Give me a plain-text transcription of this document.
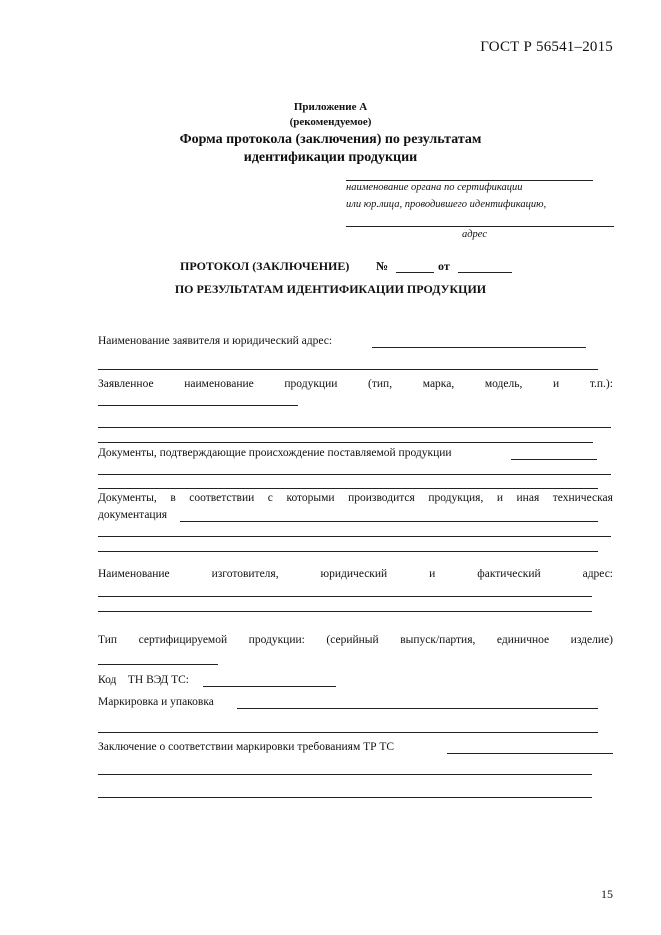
ГОСТ Р 56541–2015
Приложение А
(рекомендуемое)
Форма протокола (заключения) по результатам
идентификации продукции
наименование органа по сертификации
или юр.лица, проводившего идентификацию,
адрес
ПРОТОКОЛ (ЗАКЛЮЧЕНИЕ) №	от
ПО РЕЗУЛЬТАТАМ ИДЕНТИФИКАЦИИ ПРОДУКЦИИ
Наименование заявителя и юридический адрес:
Заявленное	наименование	продукции	(тип,	марка,	модель,	и	т.п.):
Документы, подтверждающие происхождение поставляемой продукции
Документы, в соответствии с которыми производится продукция, и иная техническая
документация
Наименование	изготовителя,	юридический	и	фактический	адрес:
Тип сертифицируемой продукции: (серийный выпуск/партия, единичное изделие)
Код    ТН ВЭД ТС:
Маркировка и упаковка
Заключение о соответствии маркировки требованиям ТР ТС
15
